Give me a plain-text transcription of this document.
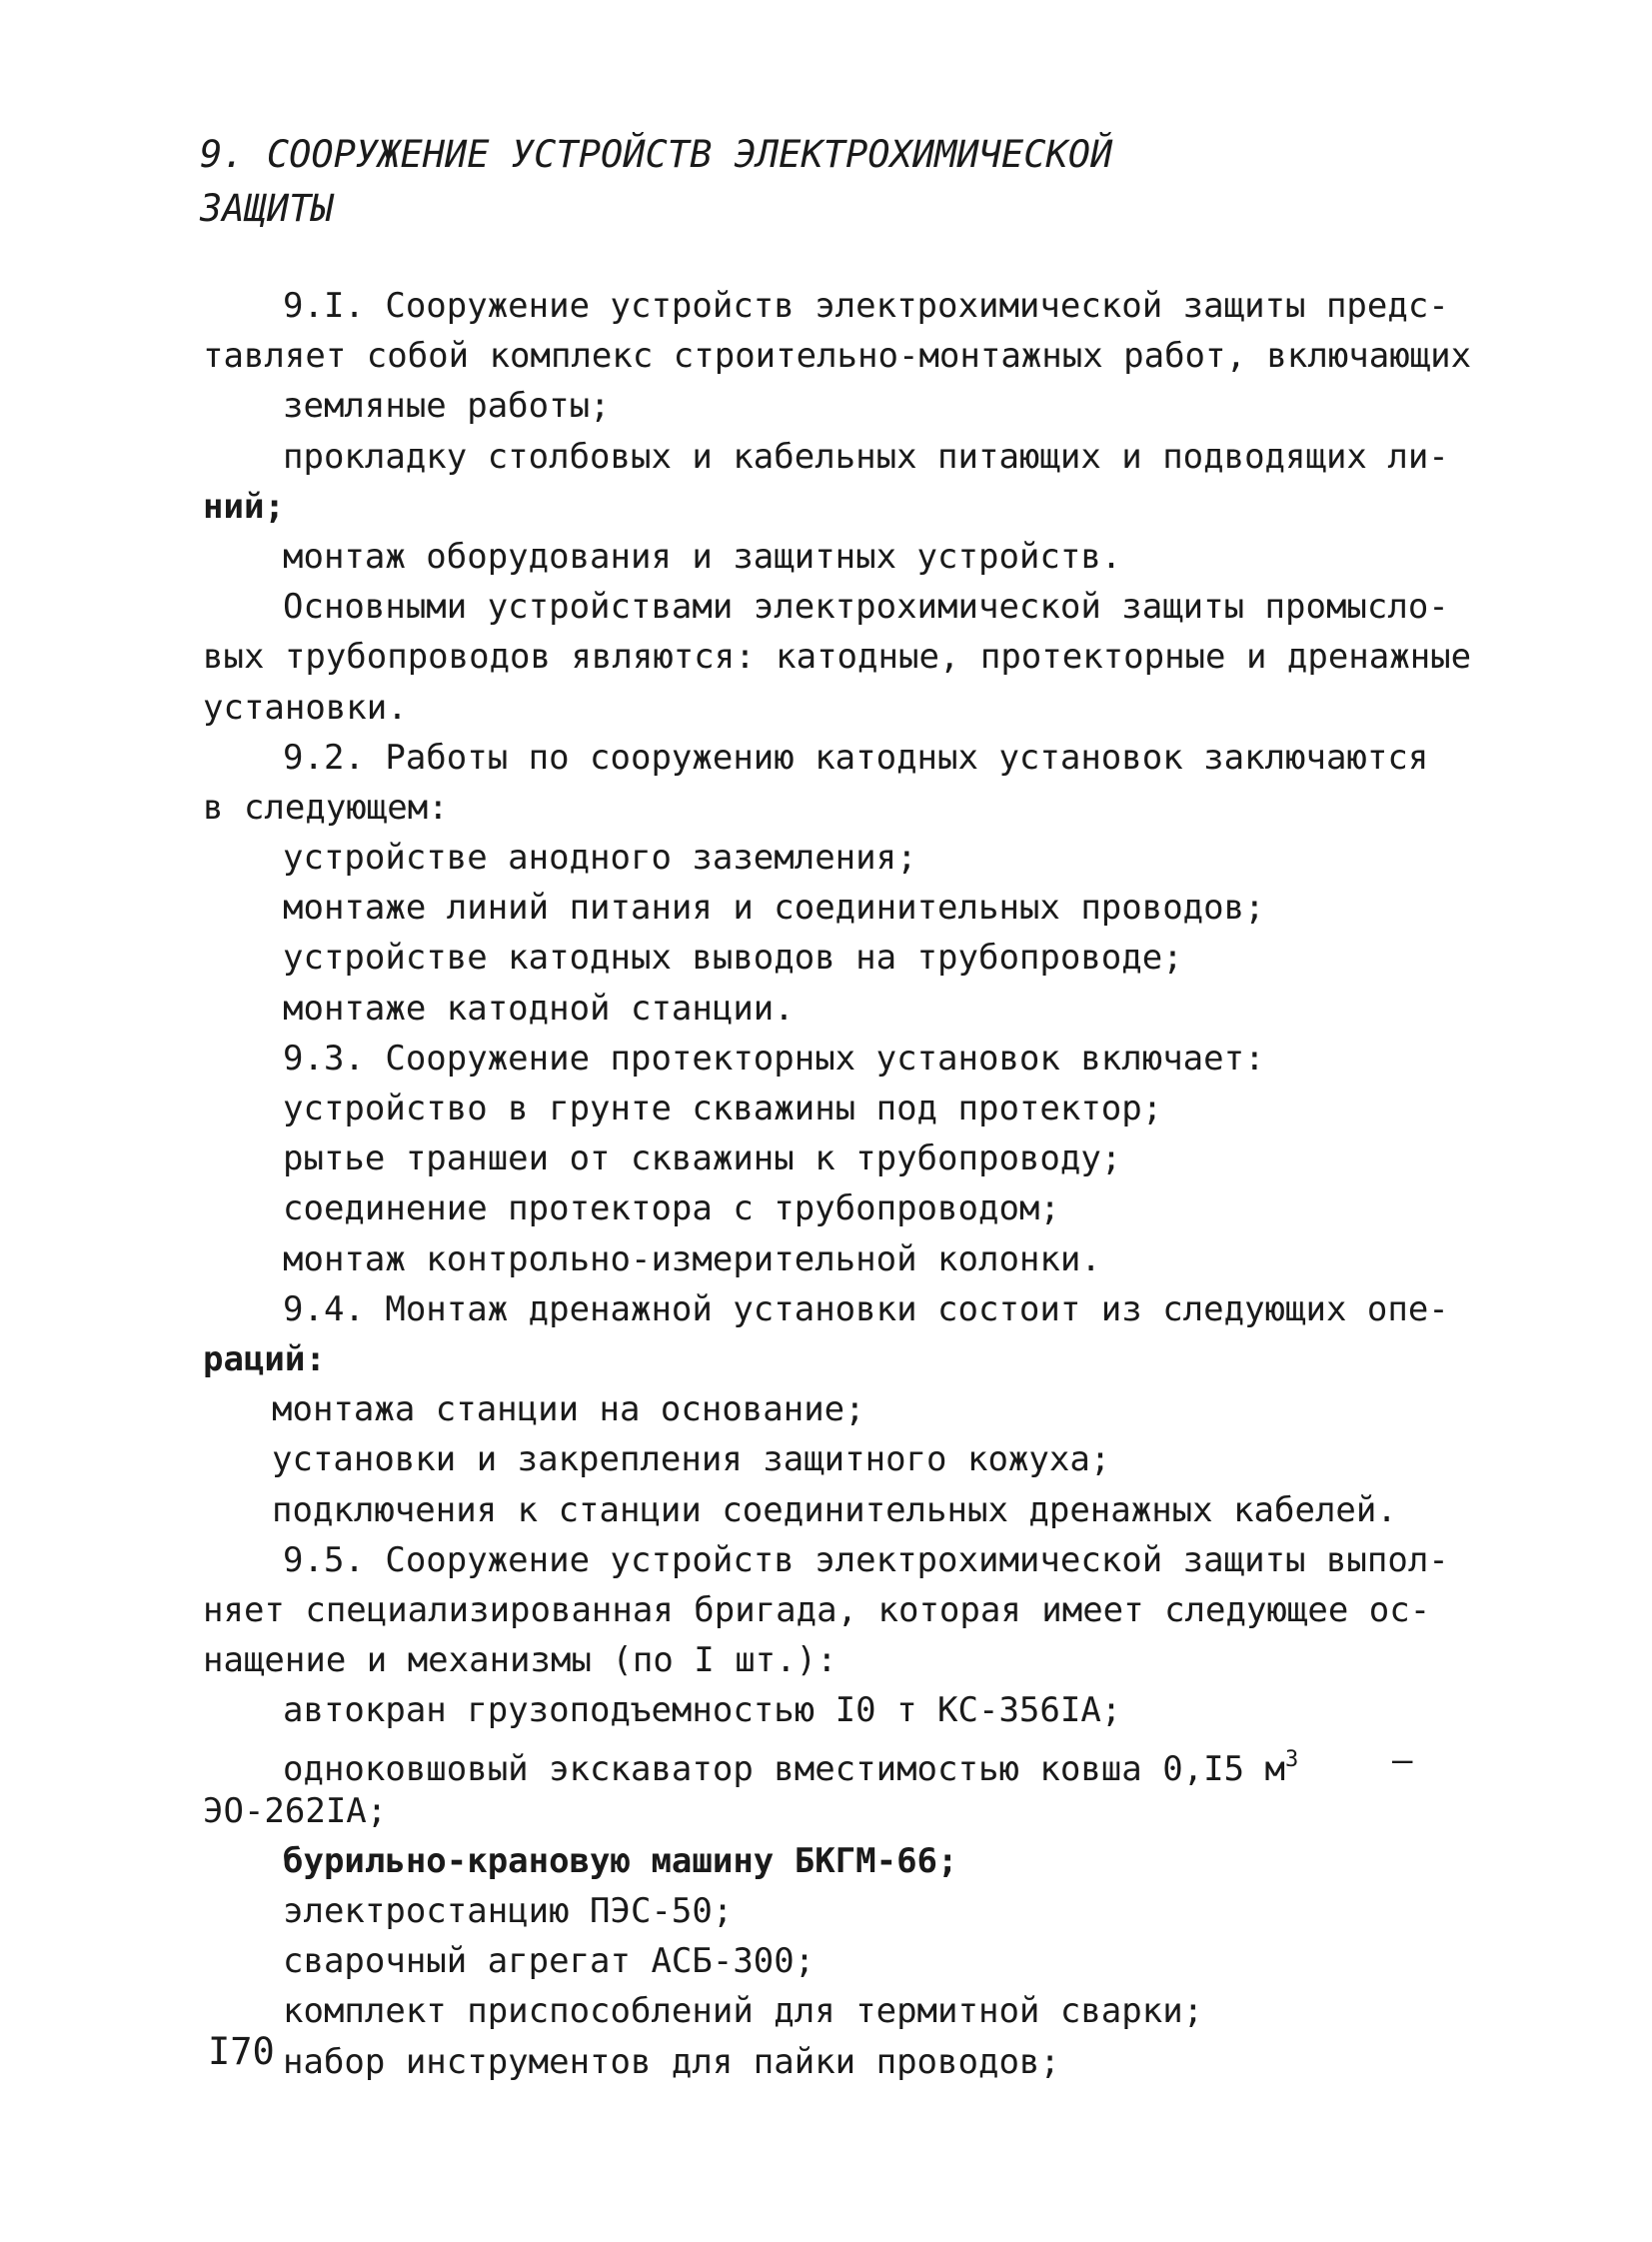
9. СООРУЖЕНИЕ УСТРОЙСТВ ЭЛЕКТРОХИМИЧЕСКОЙ
ЗАЩИТЫ
9.I. Сооружение устройств электрохимической защиты предс-
тавляет собой комплекс строительно-монтажных работ, включающих
земляные работы;
прокладку столбовых и кабельных питающих и подводящих ли-
ний;
монтаж оборудования и защитных устройств.
Основными устройствами электрохимической защиты промысло-
вых трубопроводов являются: катодные, протекторные и дренажные
установки.
9.2. Работы по сооружению катодных установок заключаются
в следующем:
устройстве анодного заземления;
монтаже линий питания и соединительных проводов;
устройстве катодных выводов на трубопроводе;
монтаже катодной станции.
9.3. Сооружение протекторных установок включает:
устройство в грунте скважины под протектор;
рытье траншеи от скважины к трубопроводу;
соединение протектора с трубопроводом;
монтаж контрольно-измерительной колонки.
9.4. Монтаж дренажной установки состоит из следующих опе-
раций:
монтажа станции на основание;
установки и закрепления защитного кожуха;
подключения к станции соединительных дренажных кабелей.
9.5. Сооружение устройств электрохимической защиты выпол-
няет специализированная бригада, которая имеет следующее ос-
нащение и механизмы (по I шт.):
автокран грузоподъемностью I0 т КС-356IА;
одноковшовый экскаватор вместимостью ковша 0,I5 м3	–
ЭО-262IА;
бурильно-крановую машину БКГМ-66;
электростанцию ПЭС-50;
сварочный агрегат АСБ-300;
комплект приспособлений для термитной сварки;
набор инструментов для пайки проводов;
I70
